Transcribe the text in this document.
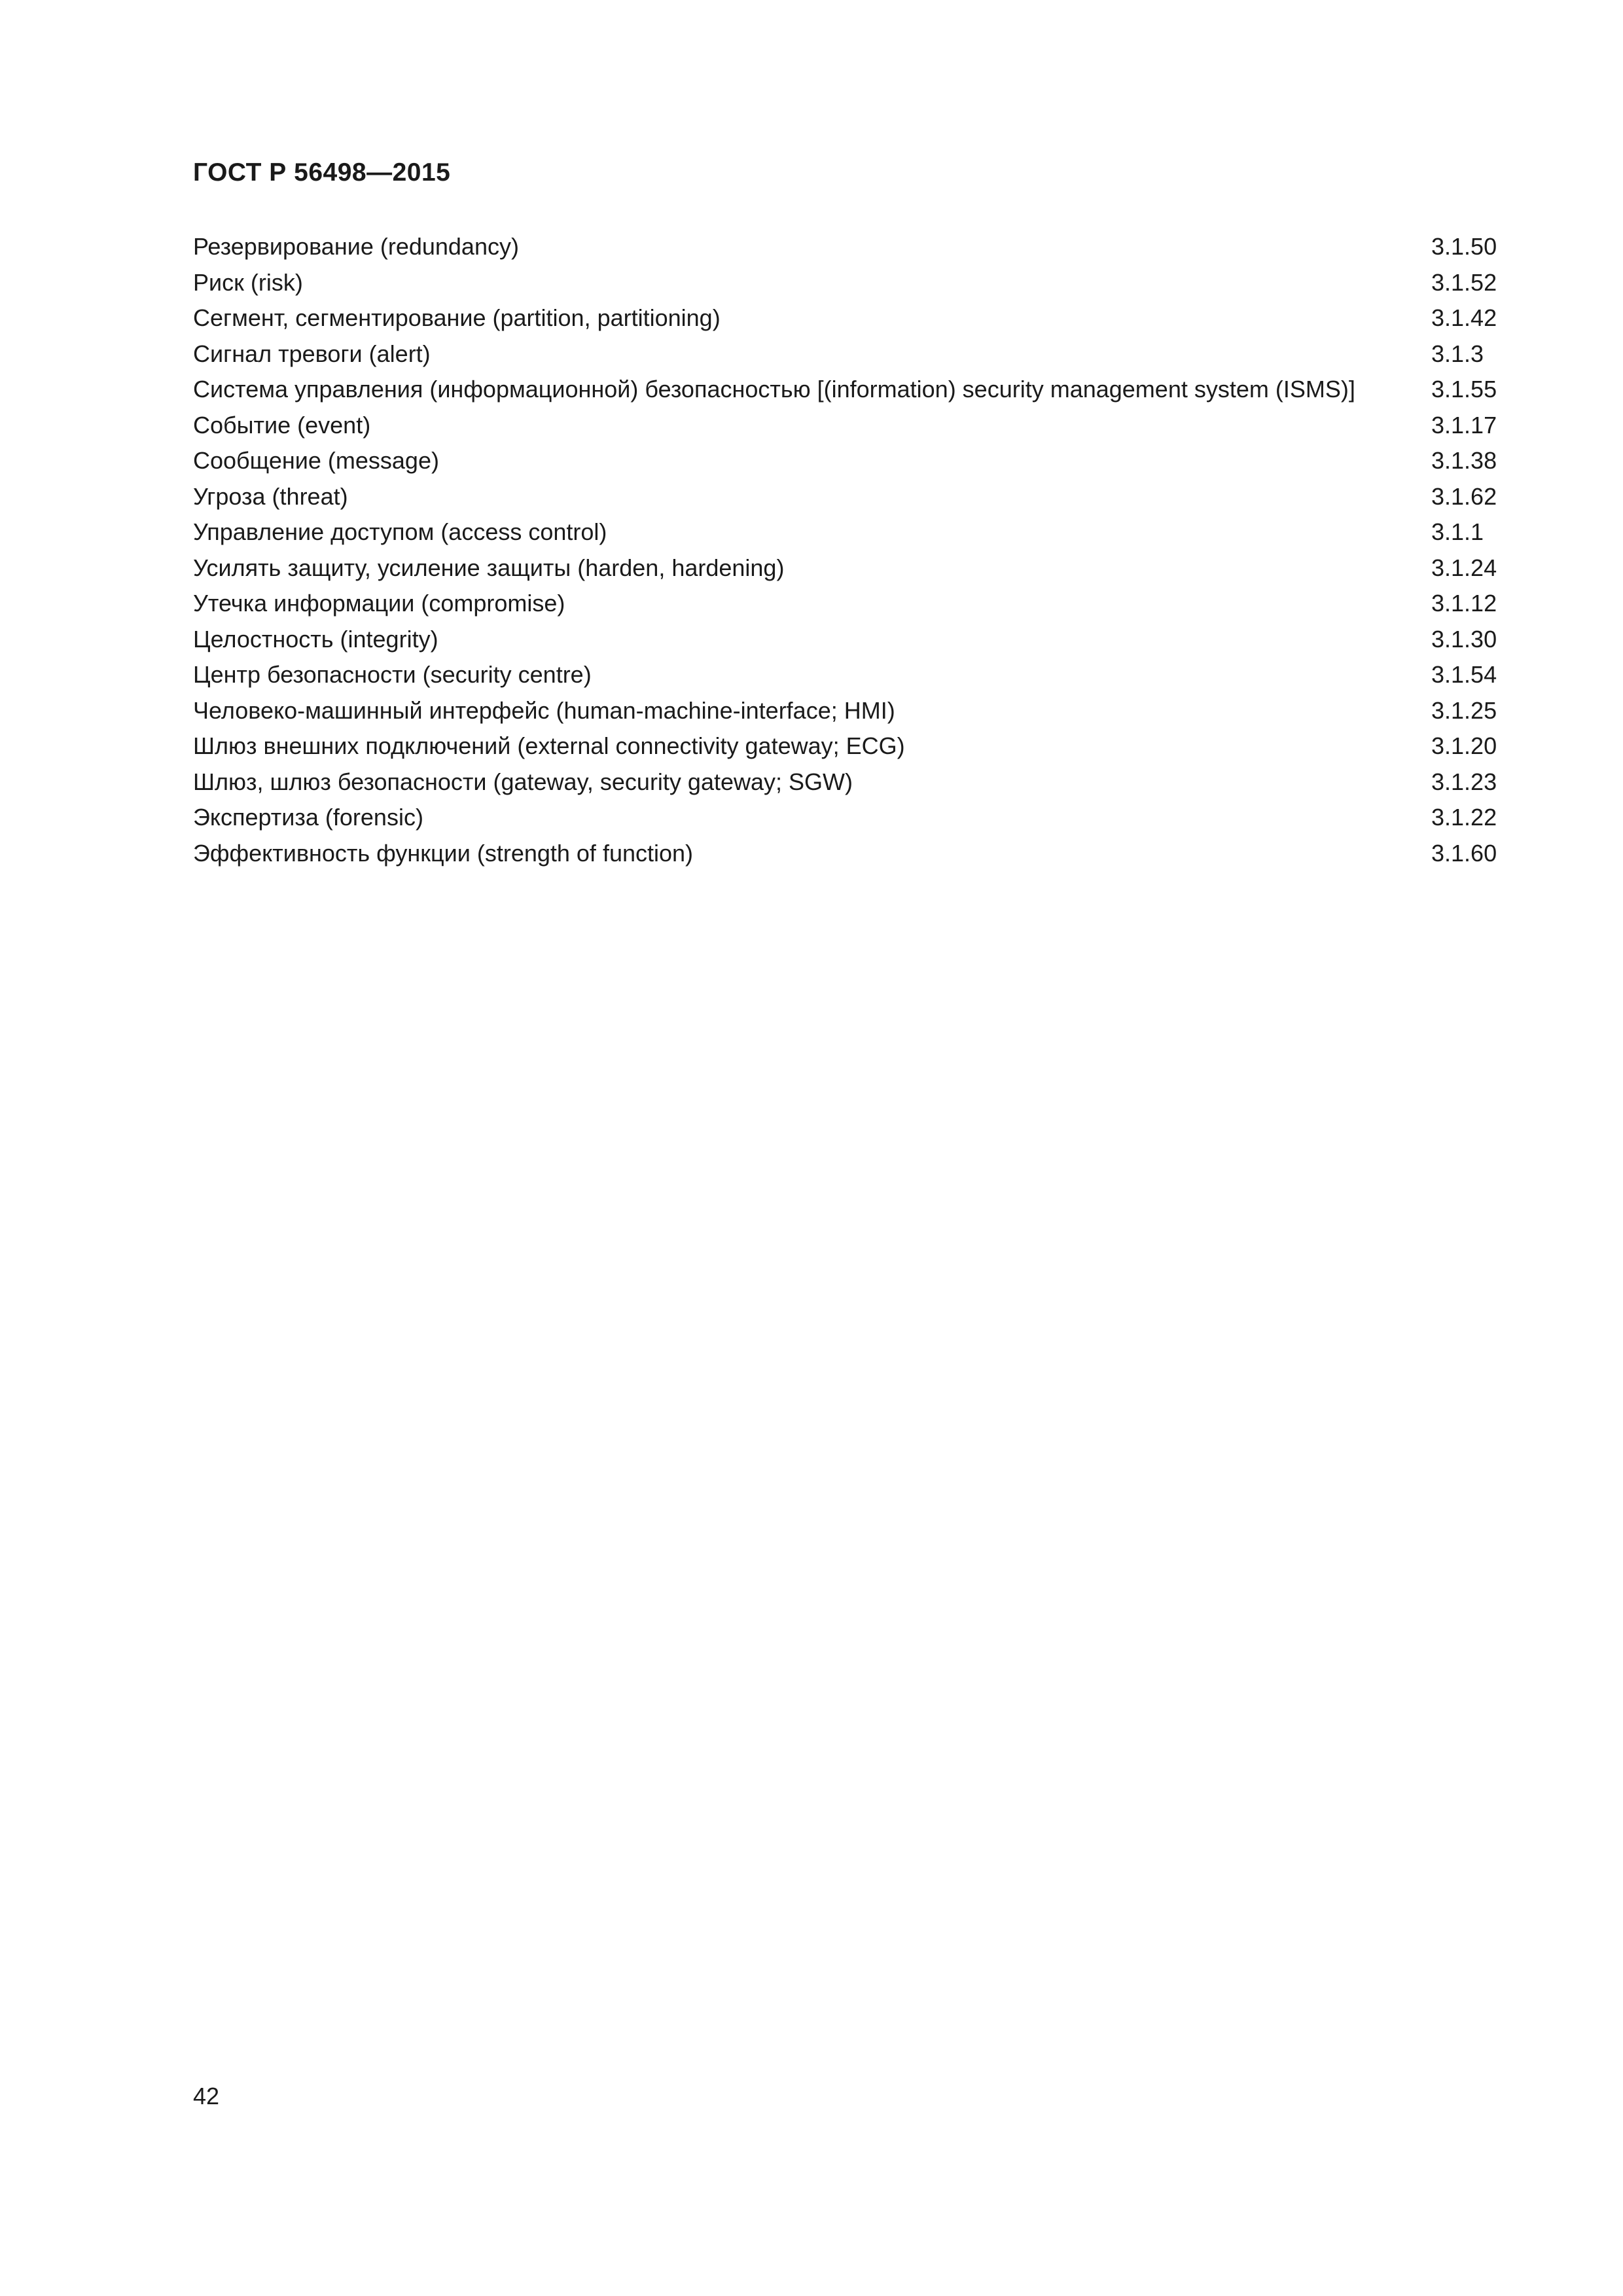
ГОСТ Р 56498—2015
Резервирование (redundancy)	3.1.50
Риск (risk)	3.1.52
Сегмент, сегментирование (partition, partitioning)	3.1.42
Сигнал тревоги (alert)	3.1.3
Система управления (информационной) безопасностью [(information) security management system (ISMS)]	3.1.55
Событие (event)	3.1.17
Сообщение (message)	3.1.38
Угроза (threat)	3.1.62
Управление доступом (access control)	3.1.1
Усилять защиту, усиление защиты (harden, hardening)	3.1.24
Утечка информации (compromise)	3.1.12
Целостность (integrity)	3.1.30
Центр безопасности (security centre)	3.1.54
Человеко-машинный интерфейс (human-machine-interface; HMI)	3.1.25
Шлюз внешних подключений (external connectivity gateway; ECG)	3.1.20
Шлюз, шлюз безопасности (gateway, security gateway; SGW)	3.1.23
Экспертиза (forensic)	3.1.22
Эффективность функции (strength of function)	3.1.60
42
